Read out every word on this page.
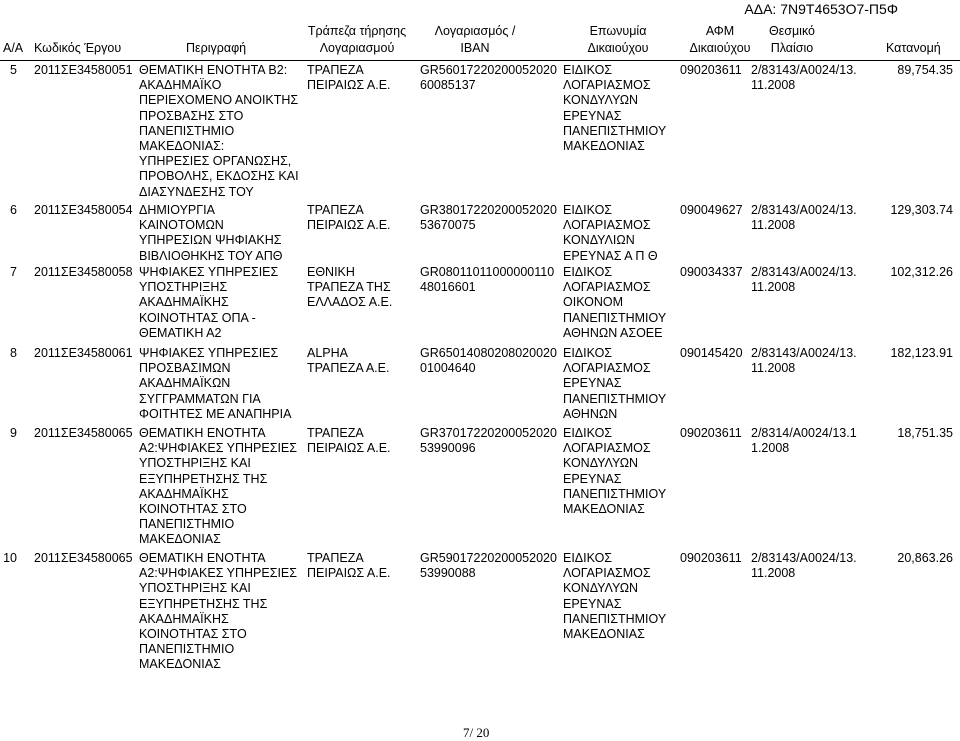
ΑΔΑ: 7Ν9Τ4653Ο7-Π5Φ
Α/Α Κωδικός Έργου	Περιγραφή
Τράπεζα τήρησης
Λογαριασμού
Λογαριασμός /
IBAN
Επωνυμία
Δικαιούχου
ΑΦΜ
Δικαιούχου
Θεσμικό
Πλαίσιο	Κατανομή
5 2011ΣΕ34580051 ΘΕΜΑΤΙΚΗ ΕΝΟΤΗΤΑ Β2:
ΑΚΑΔΗΜΑΪΚΟ
ΠΕΡΙΕΧΟΜΕΝΟ ΑΝΟΙΚΤΗΣ
ΠΡΟΣΒΑΣΗΣ ΣΤΟ
ΠΑΝΕΠΙΣΤΗΜΙΟ
ΜΑΚΕΔΟΝΙΑΣ:
ΥΠΗΡΕΣΙΕΣ ΟΡΓΑΝΩΣΗΣ,
ΠΡΟΒΟΛΗΣ, ΕΚΔΟΣΗΣ ΚΑΙ
ΔΙΑΣΥΝΔΕΣΗΣ ΤΟΥ
ΤΡΑΠΕΖΑ
ΠΕΙΡΑΙΩΣ Α.Ε.
GR56017220200052020
60085137
ΕΙΔΙΚΟΣ
ΛΟΓΑΡΙΑΣΜΟΣ
ΚΟΝΔΥΛΥΩΝ
ΕΡΕΥΝΑΣ
ΠΑΝΕΠΙΣΤΗΜΙΟΥ
ΜΑΚΕΔΟΝΙΑΣ
090203611 2/83143/Α0024/13.
11.2008
89,754.35
6 2011ΣΕ34580054 ΔΗΜΙΟΥΡΓΙΑ
ΚΑΙΝΟΤΟΜΩΝ
ΥΠΗΡΕΣΙΩΝ ΨΗΦΙΑΚΗΣ
ΒΙΒΛΙΟΘΗΚΗΣ ΤΟΥ ΑΠΘ
ΤΡΑΠΕΖΑ
ΠΕΙΡΑΙΩΣ Α.Ε.
GR38017220200052020
53670075
ΕΙΔΙΚΟΣ
ΛΟΓΑΡΙΑΣΜΟΣ
ΚΟΝΔΥΛΙΩΝ
ΕΡΕΥΝΑΣ Α Π Θ
090049627 2/83143/Α0024/13.
11.2008
129,303.74
7 2011ΣΕ34580058 ΨΗΦΙΑΚΕΣ ΥΠΗΡΕΣΙΕΣ
ΥΠΟΣΤΗΡΙΞΗΣ
ΑΚΑΔΗΜΑΪΚΗΣ
ΚΟΙΝΟΤΗΤΑΣ ΟΠΑ -
ΘΕΜΑΤΙΚΗ Α2
ΕΘΝΙΚΗ
ΤΡΑΠΕΖΑ ΤΗΣ
ΕΛΛΑΔΟΣ Α.Ε.
GR08011011000000110
48016601
ΕΙΔΙΚΟΣ
ΛΟΓΑΡΙΑΣΜΟΣ
ΟΙΚΟΝΟΜ
ΠΑΝΕΠΙΣΤΗΜΙΟΥ
ΑΘΗΝΩΝ ΑΣΟΕΕ
090034337 2/83143/Α0024/13.
11.2008
102,312.26
8 2011ΣΕ34580061 ΨΗΦΙΑΚΕΣ ΥΠΗΡΕΣΙΕΣ
ΠΡΟΣΒΑΣΙΜΩΝ
ΑΚΑΔΗΜΑΪΚΩΝ
ΣΥΓΓΡΑΜΜΑΤΩΝ ΓΙΑ
ΦΟΙΤΗΤΕΣ ΜΕ ΑΝΑΠΗΡΙΑ
ALPHA
ΤΡΑΠΕΖΑ Α.Ε.
GR65014080208020020
01004640
ΕΙΔΙΚΟΣ
ΛΟΓΑΡΙΑΣΜΟΣ
ΕΡΕΥΝΑΣ
ΠΑΝΕΠΙΣΤΗΜΙΟΥ
ΑΘΗΝΩΝ
090145420 2/83143/Α0024/13.
11.2008
182,123.91
9 2011ΣΕ34580065 ΘΕΜΑΤΙΚΗ ΕΝΟΤΗΤΑ
Α2:ΨΗΦΙΑΚΕΣ ΥΠΗΡΕΣΙΕΣ
ΥΠΟΣΤΗΡΙΞΗΣ ΚΑΙ
ΕΞΥΠΗΡΕΤΗΣΗΣ ΤΗΣ
ΑΚΑΔΗΜΑΪΚΗΣ
ΚΟΙΝΟΤΗΤΑΣ ΣΤΟ
ΠΑΝΕΠΙΣΤΗΜΙΟ
ΜΑΚΕΔΟΝΙΑΣ
ΤΡΑΠΕΖΑ
ΠΕΙΡΑΙΩΣ Α.Ε.
GR37017220200052020
53990096
ΕΙΔΙΚΟΣ
ΛΟΓΑΡΙΑΣΜΟΣ
ΚΟΝΔΥΛΥΩΝ
ΕΡΕΥΝΑΣ
ΠΑΝΕΠΙΣΤΗΜΙΟΥ
ΜΑΚΕΔΟΝΙΑΣ
090203611 2/8314/Α0024/13.1
1.2008
18,751.35
10 2011ΣΕ34580065 ΘΕΜΑΤΙΚΗ ΕΝΟΤΗΤΑ
Α2:ΨΗΦΙΑΚΕΣ ΥΠΗΡΕΣΙΕΣ
ΥΠΟΣΤΗΡΙΞΗΣ ΚΑΙ
ΕΞΥΠΗΡΕΤΗΣΗΣ ΤΗΣ
ΑΚΑΔΗΜΑΪΚΗΣ
ΚΟΙΝΟΤΗΤΑΣ ΣΤΟ
ΠΑΝΕΠΙΣΤΗΜΙΟ
ΜΑΚΕΔΟΝΙΑΣ
ΤΡΑΠΕΖΑ
ΠΕΙΡΑΙΩΣ Α.Ε.
GR59017220200052020
53990088
ΕΙΔΙΚΟΣ
ΛΟΓΑΡΙΑΣΜΟΣ
ΚΟΝΔΥΛΥΩΝ
ΕΡΕΥΝΑΣ
ΠΑΝΕΠΙΣΤΗΜΙΟΥ
ΜΑΚΕΔΟΝΙΑΣ
090203611 2/83143/Α0024/13.
11.2008
20,863.26
7/ 20
